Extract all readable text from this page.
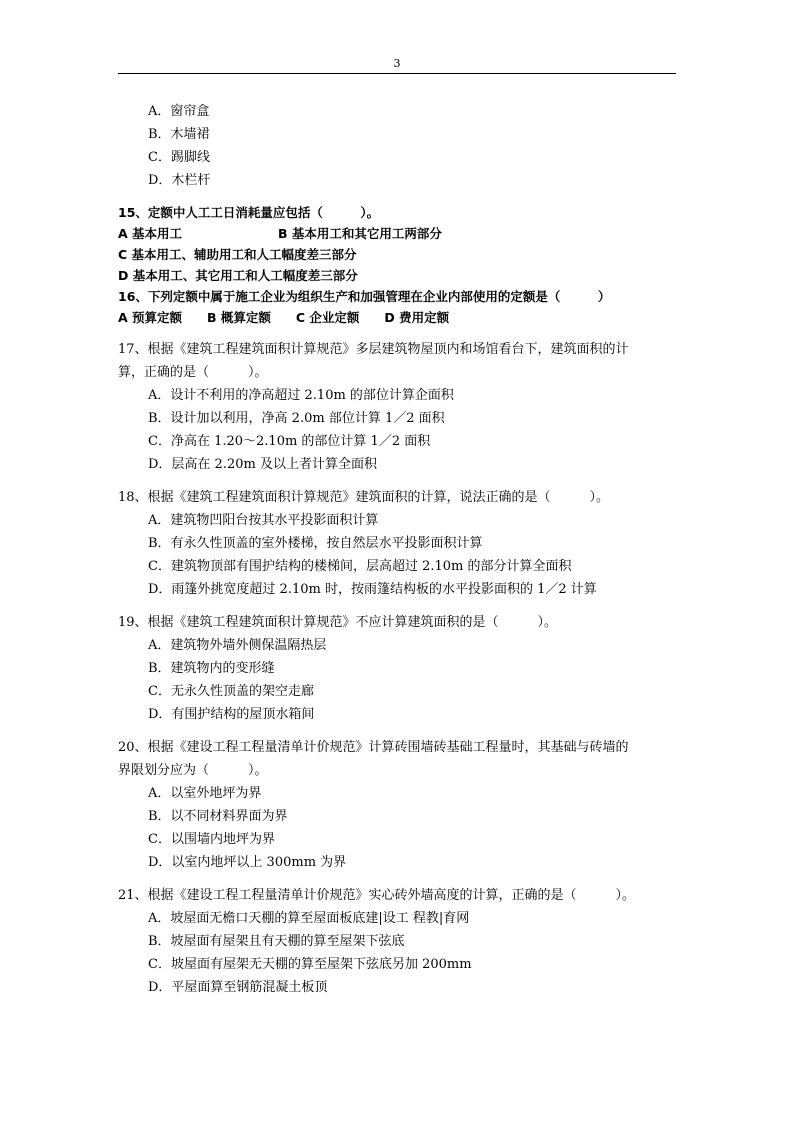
3

A．窗帘盒

B．木墙裙

C．踢脚线

D．木栏杆

15、定额中人工工日消耗量应包括（　　　）。

A 基本用工	B 基本用工和其它用工两部分

C 基本用工、辅助用工和人工幅度差三部分

D 基本用工、其它用工和人工幅度差三部分

16、下列定额中属于施工企业为组织生产和加强管理在企业内部使用的定额是（　　　）

A 预算定额　　B 概算定额　　C 企业定额　　D 费用定额

17、根据《建筑工程建筑面积计算规范》多层建筑物屋顶内和场馆看台下，建筑面积的计

算，正确的是（　　　）。

A．设计不利用的净高超过 2.10m 的部位计算企面积

B．设计加以利用，净高 2.0m 部位计算 1／2 面积

C．净高在 1.20～2.10m 的部位计算 1／2 面积

D．层高在 2.20m 及以上者计算全面积

18、根据《建筑工程建筑面积计算规范》建筑面积的计算，说法正确的是（　　　）。

A．建筑物凹阳台按其水平投影面积计算

B．有永久性顶盖的室外楼梯，按自然层水平投影面积计算

C．建筑物顶部有围护结构的楼梯间，层高超过 2.10m 的部分计算全面积

D．雨篷外挑宽度超过 2.10m 时，按雨篷结构板的水平投影面积的 1／2 计算

19、根据《建筑工程建筑面积计算规范》不应计算建筑面积的是（　　　）。

A．建筑物外墙外侧保温隔热层

B．建筑物内的变形缝

C．无永久性顶盖的架空走廊

D．有围护结构的屋顶水箱间

20、根据《建设工程工程量清单计价规范》计算砖围墙砖基础工程量时，其基础与砖墙的

界限划分应为（　　　）。

A．以室外地坪为界

B．以不同材料界面为界

C．以围墙内地坪为界

D．以室内地坪以上 300mm 为界

21、根据《建设工程工程量清单计价规范》实心砖外墙高度的计算，正确的是（　　　）。

A．坡屋面无檐口天棚的算至屋面板底建|设工 程教|育网

B．坡屋面有屋架且有天棚的算至屋架下弦底

C．坡屋面有屋架无天棚的算至屋架下弦底另加 200mm

D．平屋面算至钢筋混凝土板顶
